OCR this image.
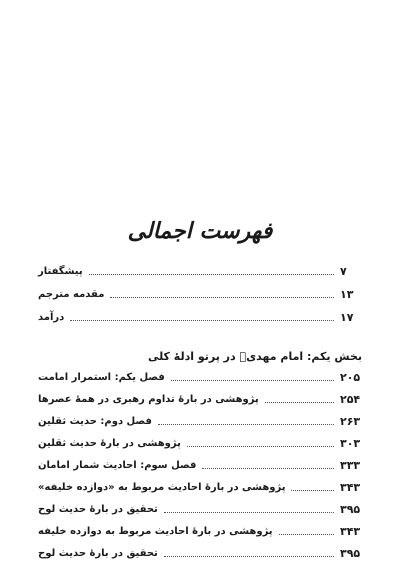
فهرست اجمالی
پیشگفتار	۷
مقدمه مترجم	۱۳
درآمد	۱۷
بخش یکم: امام مهدیؑ در پرتو ادلهٔ کلی
فصل یکم: استمرار امامت	۲۰۵
پژوهشی در بارهٔ تداوم رهبری در همهٔ عصرها	۲۵۴
فصل دوم: حدیث ثقلین	۲۶۳
پژوهشی در بارهٔ حدیث ثقلین	۳۰۳
فصل سوم: احادیث شمار امامان	۳۳۳
پژوهشی در بارهٔ احادیث مربوط به «دوازده خلیفه»	۳۴۳
تحقیق در بارهٔ حدیث لوح	۳۹۵
پژوهشی در بارهٔ احادیث مربوط به دوازده خلیفه	۳۴۳
تحقیق در بارهٔ حدیث لوح	۳۹۵
